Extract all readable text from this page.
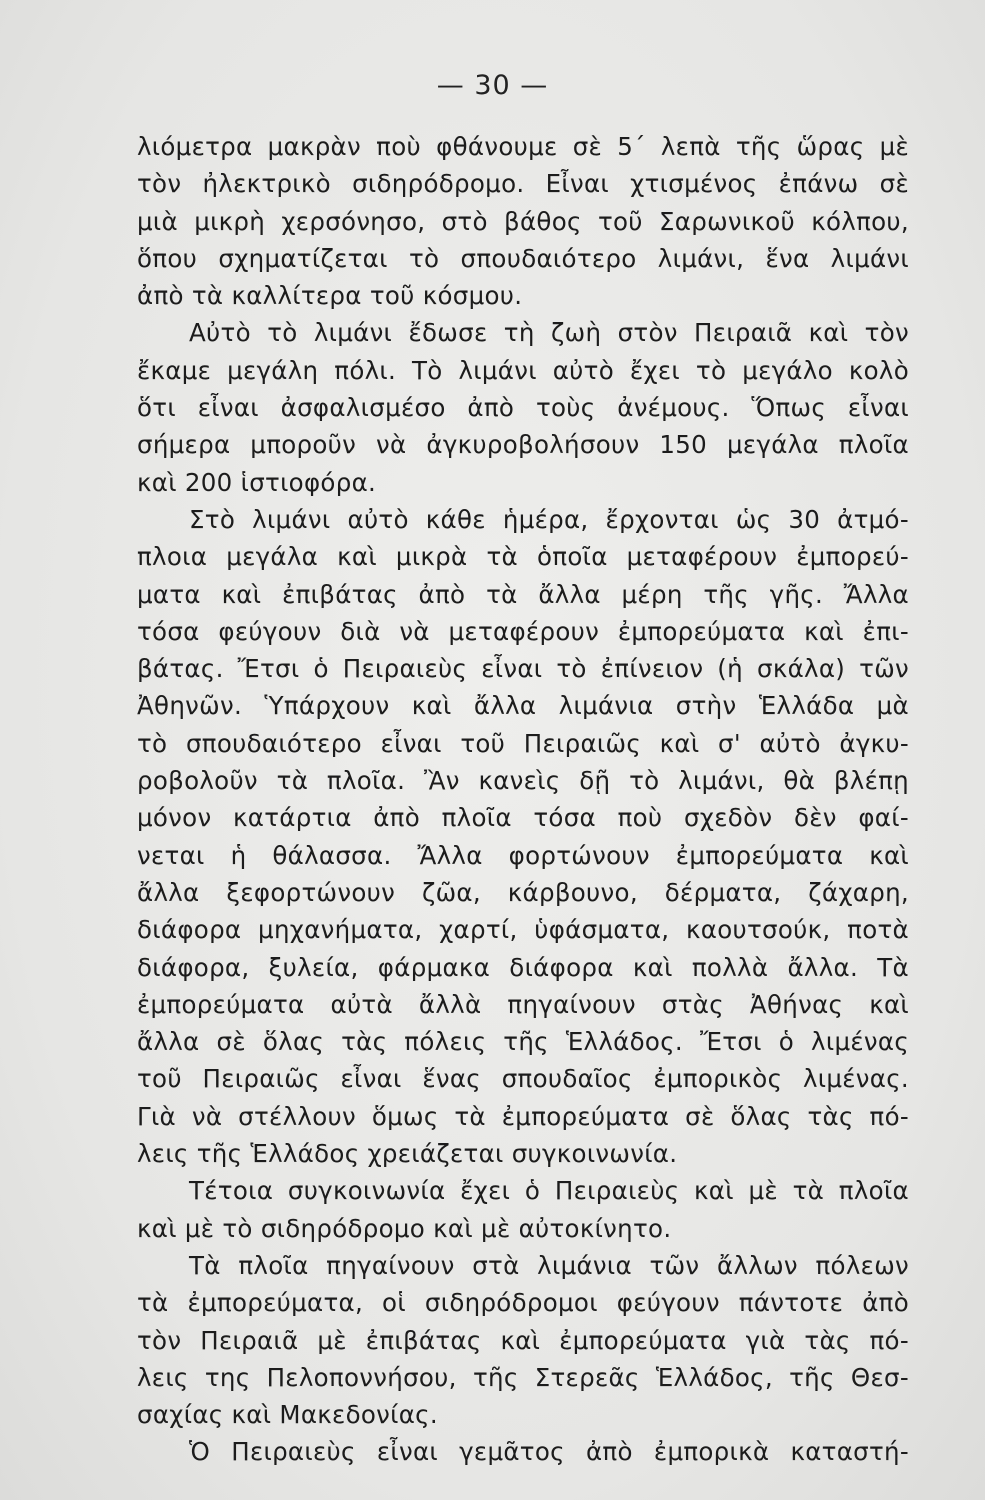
— 30 —
λιόμετρα μακρὰν ποὺ φθάνουμε σὲ 5΄ λεπὰ τῆς ὥρας μὲ
τὸν ἠλεκτρικὸ σιδηρόδρομο. Εἶναι χτισμένος ἐπάνω σὲ
μιὰ μικρὴ χερσόνησο, στὸ βάθος τοῦ Σαρωνικοῦ κόλπου,
ὅπου σχηματίζεται τὸ σπουδαιότερο λιμάνι, ἕνα λιμάνι
ἀπὸ τὰ καλλίτερα τοῦ κόσμου.
Αὐτὸ τὸ λιμάνι ἔδωσε τὴ ζωὴ στὸν Πειραιᾶ καὶ τὸν
ἔκαμε μεγάλη πόλι. Τὸ λιμάνι αὐτὸ ἔχει τὸ μεγάλο κολὸ
ὅτι εἶναι ἀσφαλισμέσο ἀπὸ τοὺς ἀνέμους. Ὅπως εἶναι
σήμερα μποροῦν νὰ ἀγκυροβολήσουν 150 μεγάλα πλοῖα
καὶ 200 ἱστιοφόρα.
Στὸ λιμάνι αὐτὸ κάθε ἡμέρα, ἔρχονται ὡς 30 ἀτμό-
πλοια μεγάλα καὶ μικρὰ τὰ ὁποῖα μεταφέρουν ἐμπορεύ-
ματα καὶ ἐπιβάτας ἀπὸ τὰ ἄλλα μέρη τῆς γῆς. Ἄλλα
τόσα φεύγουν διὰ νὰ μεταφέρουν ἐμπορεύματα καὶ ἐπι-
βάτας. Ἔτσι ὁ Πειραιεὺς εἶναι τὸ ἐπίνειον (ἡ σκάλα) τῶν
Ἀθηνῶν. Ὑπάρχουν καὶ ἄλλα λιμάνια στὴν Ἑλλάδα μὰ
τὸ σπουδαιότερο εἶναι τοῦ Πειραιῶς καὶ σ' αὐτὸ ἀγκυ-
ροβολοῦν τὰ πλοῖα. Ἂν κανεὶς δῇ τὸ λιμάνι, θὰ βλέπῃ
μόνον κατάρτια ἀπὸ πλοῖα τόσα ποὺ σχεδὸν δὲν φαί-
νεται ἡ θάλασσα. Ἄλλα φορτώνουν ἐμπορεύματα καὶ
ἄλλα ξεφορτώνουν ζῶα, κάρβουνο, δέρματα, ζάχαρη,
διάφορα μηχανήματα, χαρτί, ὑφάσματα, καουτσούκ, ποτὰ
διάφορα, ξυλεία, φάρμακα διάφορα καὶ πολλὰ ἄλλα. Τὰ
ἐμπορεύματα αὐτὰ ἄλλὰ πηγαίνουν στὰς Ἀθήνας καὶ
ἄλλα σὲ ὅλας τὰς πόλεις τῆς Ἑλλάδος. Ἔτσι ὁ λιμένας
τοῦ Πειραιῶς εἶναι ἕνας σπουδαῖος ἐμπορικὸς λιμένας.
Γιὰ νὰ στέλλουν ὅμως τὰ ἐμπορεύματα σὲ ὅλας τὰς πό-
λεις τῆς Ἑλλάδος χρειάζεται συγκοινωνία.
Τέτοια συγκοινωνία ἔχει ὁ Πειραιεὺς καὶ μὲ τὰ πλοῖα
καὶ μὲ τὸ σιδηρόδρομο καὶ μὲ αὐτοκίνητο.
Τὰ πλοῖα πηγαίνουν στὰ λιμάνια τῶν ἄλλων πόλεων
τὰ ἐμπορεύματα, οἱ σιδηρόδρομοι φεύγουν πάντοτε ἀπὸ
τὸν Πειραιᾶ μὲ ἐπιβάτας καὶ ἐμπορεύματα γιὰ τὰς πό-
λεις της Πελοποννήσου, τῆς Στερεᾶς Ἑλλάδος, τῆς Θεσ-
σαχίας καὶ Μακεδονίας.
Ὁ Πειραιεὺς εἶναι γεμᾶτος ἀπὸ ἐμπορικὰ καταστή-
